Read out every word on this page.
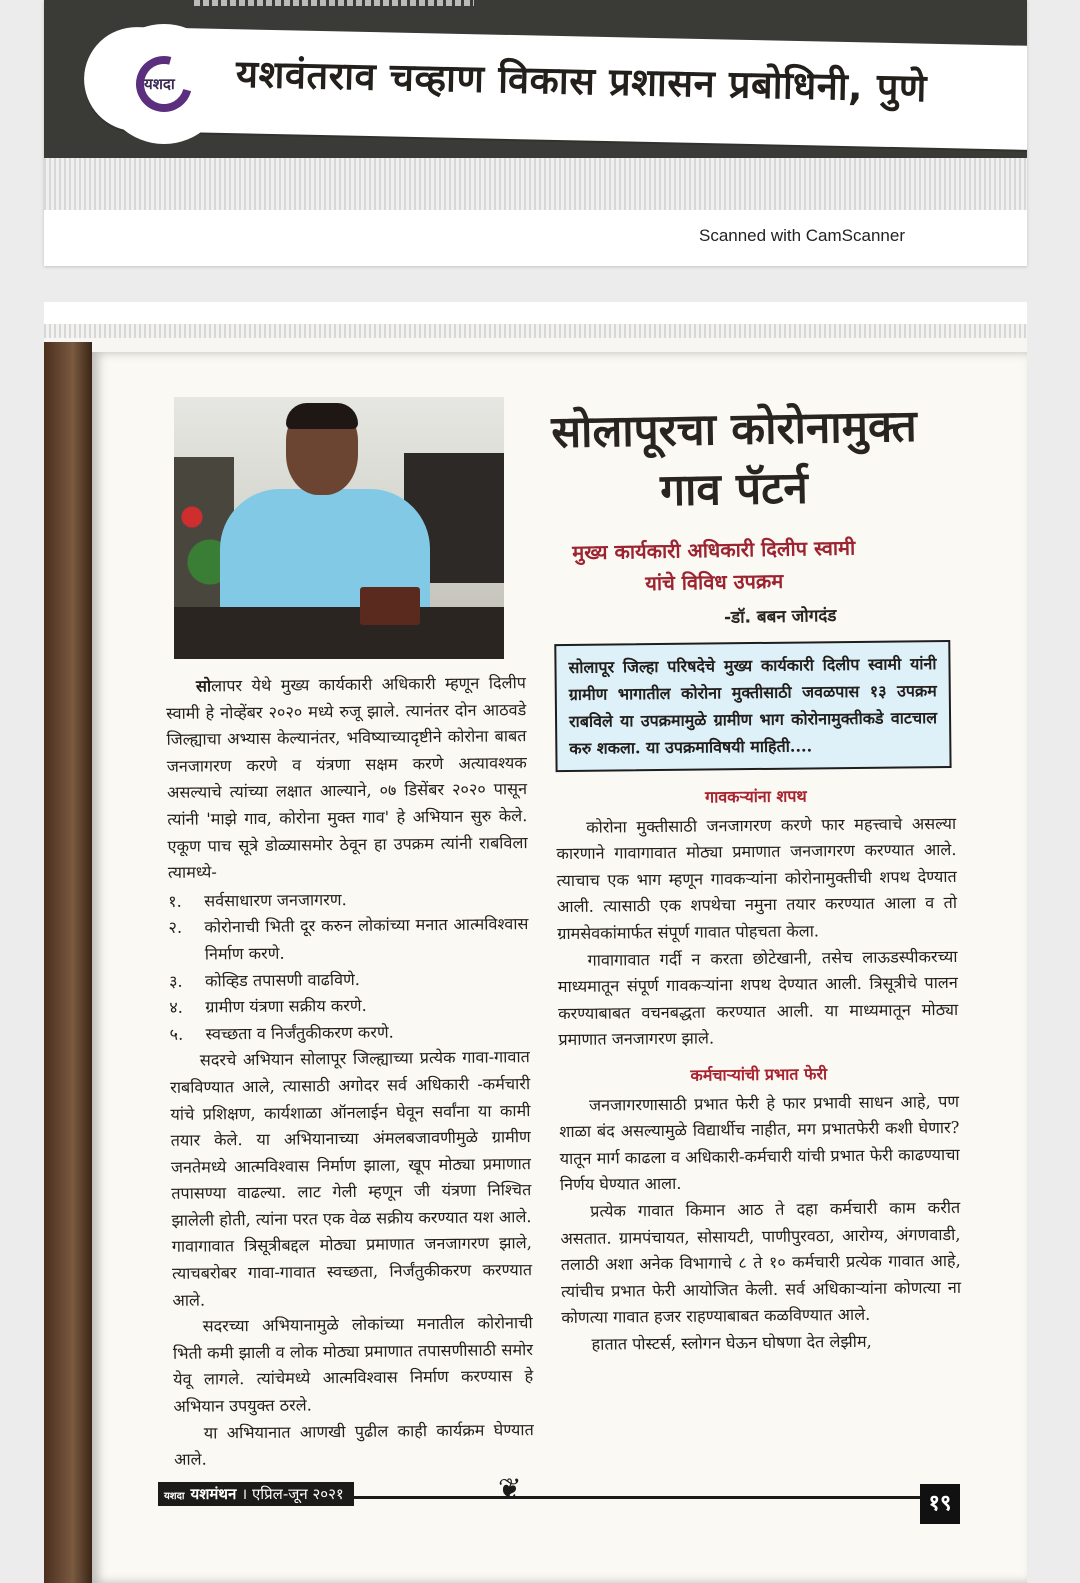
यशदा यशवंतराव चव्हाण विकास प्रशासन प्रबोधिनी, पुणे
Scanned with CamScanner
सोलापूरचा कोरोनामुक्त
गाव पॅटर्न
मुख्य कार्यकारी अधिकारी दिलीप स्वामी
यांचे विविध उपक्रम
-डॉ. बबन जोगदंड

सोलापर येथे मुख्य कार्यकारी अधिकारी म्हणून दिलीप स्वामी हे नोव्हेंबर २०२० मध्ये रुजू झाले. त्यानंतर दोन आठवडे जिल्ह्याचा अभ्यास केल्यानंतर, भविष्याच्यादृष्टीने कोरोना बाबत जनजागरण करणे व यंत्रणा सक्षम करणे अत्यावश्यक असल्याचे त्यांच्या लक्षात आल्याने, ०७ डिसेंबर २०२० पासून त्यांनी 'माझे गाव, कोरोना मुक्त गाव' हे अभियान सुरु केले. एकूण पाच सूत्रे डोळ्यासमोर ठेवून हा उपक्रम त्यांनी राबविला त्यामध्ये-

१. सर्वसाधारण जनजागरण.
२. कोरोनाची भिती दूर करुन लोकांच्या मनात आत्मविश्वास निर्माण करणे.
३. कोव्हिड तपासणी वाढविणे.
४. ग्रामीण यंत्रणा सक्रीय करणे.
५. स्वच्छता व निर्जंतुकीकरण करणे.

सदरचे अभियान सोलापूर जिल्ह्याच्या प्रत्येक गावा-गावात राबविण्यात आले, त्यासाठी अगोदर सर्व अधिकारी -कर्मचारी यांचे प्रशिक्षण, कार्यशाळा ऑनलाईन घेवून सर्वांना या कामी तयार केले. या अभियानाच्या अंमलबजावणीमुळे ग्रामीण जनतेमध्ये आत्मविश्वास निर्माण झाला, खूप मोठ्या प्रमाणात तपासण्या वाढल्या. लाट गेली म्हणून जी यंत्रणा निश्चित झालेली होती, त्यांना परत एक वेळ सक्रीय करण्यात यश आले. गावागावात त्रिसूत्रीबद्दल मोठ्या प्रमाणात जनजागरण झाले, त्याचबरोबर गावा-गावात स्वच्छता, निर्जंतुकीकरण करण्यात आले.

सदरच्या अभियानामुळे लोकांच्या मनातील कोरोनाची भिती कमी झाली व लोक मोठ्या प्रमाणात तपासणीसाठी समोर येवू लागले. त्यांचेमध्ये आत्मविश्वास निर्माण करण्यास हे अभियान उपयुक्त ठरले.

या अभियानात आणखी पुढील काही कार्यक्रम घेण्यात आले.

सोलापूर जिल्हा परिषदेचे मुख्य कार्यकारी दिलीप स्वामी यांनी ग्रामीण भागातील कोरोना मुक्तीसाठी जवळपास १३ उपक्रम राबविले या उपक्रमामुळे ग्रामीण भाग कोरोनामुक्तीकडे वाटचाल करु शकला. या उपक्रमाविषयी माहिती....
गावकऱ्यांना शपथ

कोरोना मुक्तीसाठी जनजागरण करणे फार महत्त्वाचे असल्या कारणाने गावागावात मोठ्या प्रमाणात जनजागरण करण्यात आले. त्याचाच एक भाग म्हणून गावकऱ्यांना कोरोनामुक्तीची शपथ देण्यात आली. त्यासाठी एक शपथेचा नमुना तयार करण्यात आला व तो ग्रामसेवकांमार्फत संपूर्ण गावात पोहचता केला.

गावागावात गर्दी न करता छोटेखानी, तसेच लाऊडस्पीकरच्या माध्यमातून संपूर्ण गावकऱ्यांना शपथ देण्यात आली. त्रिसूत्रीचे पालन करण्याबाबत वचनबद्धता करण्यात आली. या माध्यमातून मोठ्या प्रमाणात जनजागरण झाले.

कर्मचाऱ्यांची प्रभात फेरी

जनजागरणासाठी प्रभात फेरी हे फार प्रभावी साधन आहे, पण शाळा बंद असल्यामुळे विद्यार्थीच नाहीत, मग प्रभातफेरी कशी घेणार? यातून मार्ग काढला व अधिकारी-कर्मचारी यांची प्रभात फेरी काढण्याचा निर्णय घेण्यात आला.

प्रत्येक गावात किमान आठ ते दहा कर्मचारी काम करीत असतात. ग्रामपंचायत, सोसायटी, पाणीपुरवठा, आरोग्य, अंगणवाडी, तलाठी अशा अनेक विभागाचे ८ ते १० कर्मचारी प्रत्येक गावात आहे, त्यांचीच प्रभात फेरी आयोजित केली. सर्व अधिकाऱ्यांना कोणत्या ना कोणत्या गावात हजर राहण्याबाबत कळविण्यात आले.

हातात पोस्टर्स, स्लोगन घेऊन घोषणा देत लेझीम,

यशदा यशमंथन । एप्रिल-जून २०२१	❦	१९
